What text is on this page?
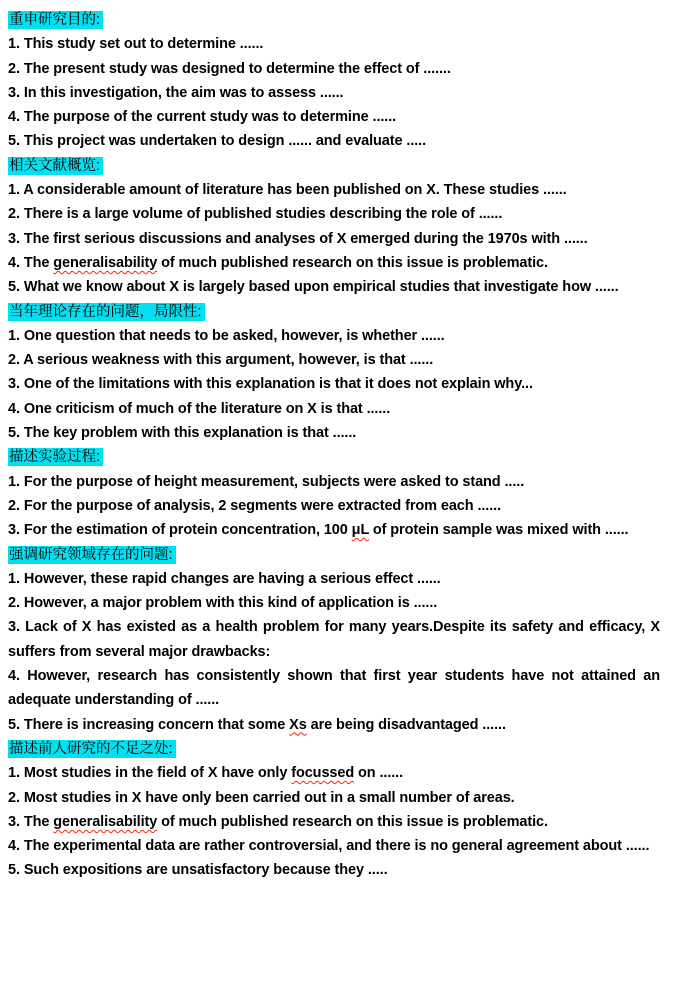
重申研究目的:

1. This study set out to determine ......

2. The present study was designed to determine the effect of .......

3. In this investigation, the aim was to assess ......

4. The purpose of the current study was to determine ......

5. This project was undertaken to design ...... and evaluate .....

相关文献概览:

1. A considerable amount of literature has been published on X. These studies ......

2. There is a large volume of published studies describing the role of ......

3. The first serious discussions and analyses of X emerged during the 1970s with ......

4. The generalisability of much published research on this issue is problematic.

5. What we know about X is largely based upon empirical studies that investigate how ......

当年理论存在的问题，局限性:

1. One question that needs to be asked, however, is whether ......

2. A serious weakness with this argument, however, is that ......

3. One of the limitations with this explanation is that it does not explain why...

4. One criticism of much of the literature on X is that ......

5. The key problem with this explanation is that ......

描述实验过程:

1. For the purpose of height measurement, subjects were asked to stand .....

2. For the purpose of analysis, 2 segments were extracted from each ......

3. For the estimation of protein concentration, 100 μL of protein sample was mixed with ......

强调研究领域存在的问题:

1. However, these rapid changes are having a serious effect ......

2. However, a major problem with this kind of application is ......

3. Lack of X has existed as a health problem for many years.Despite its safety and efficacy, X suffers from several major drawbacks:

4. However, research has consistently shown that first year students have not attained an adequate understanding of ......

5. There is increasing concern that some Xs are being disadvantaged ......

描述前人研究的不足之处:

1. Most studies in the field of X have only focussed on ......

2. Most studies in X have only been carried out in a small number of areas.

3. The generalisability of much published research on this issue is problematic.

4. The experimental data are rather controversial, and there is no general agreement about ......

5. Such expositions are unsatisfactory because they .....
